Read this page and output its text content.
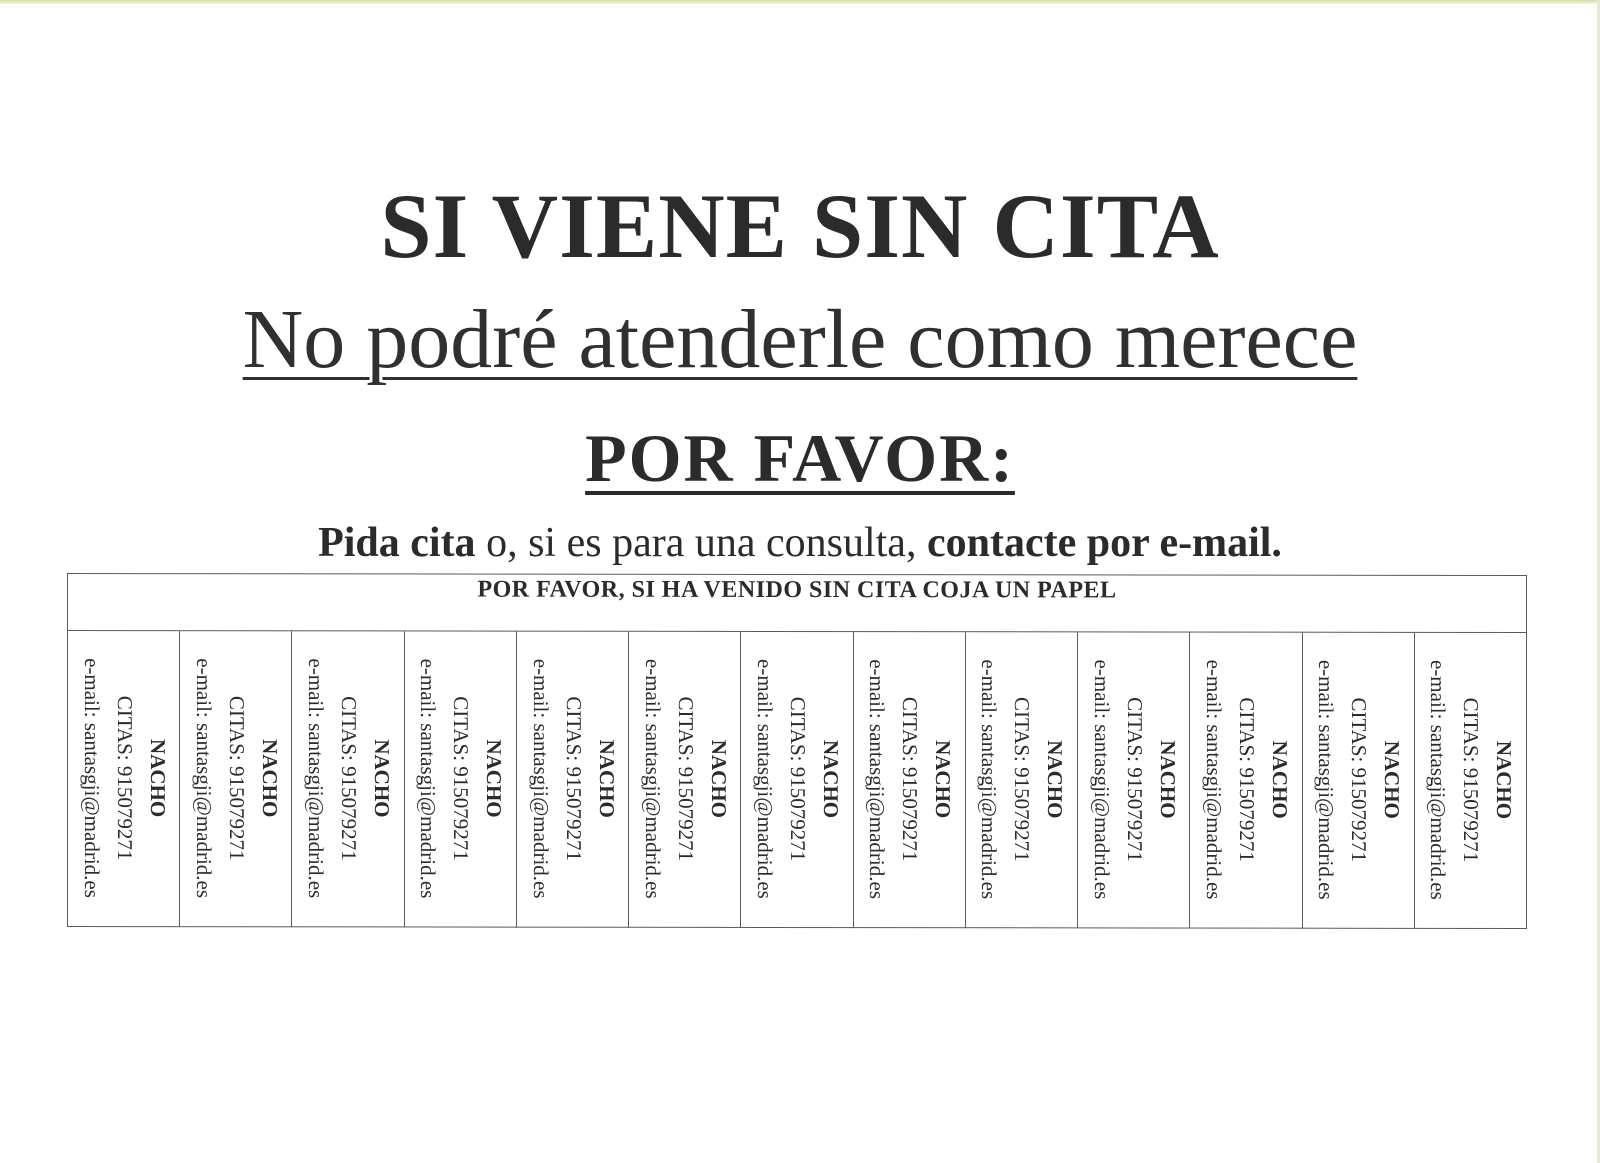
SI VIENE SIN CITA
No podré atenderle como merece
POR FAVOR:
Pida cita o, si es para una consulta, contacte por e-mail.
POR FAVOR, SI HA VENIDO SIN CITA COJA UN PAPEL
NACHO
CITAS: 915079271
e-mail: santasgji@madrid.es	NACHO
CITAS: 915079271
e-mail: santasgji@madrid.es	NACHO
CITAS: 915079271
e-mail: santasgji@madrid.es	NACHO
CITAS: 915079271
e-mail: santasgji@madrid.es	NACHO
CITAS: 915079271
e-mail: santasgji@madrid.es	NACHO
CITAS: 915079271
e-mail: santasgji@madrid.es	NACHO
CITAS: 915079271
e-mail: santasgji@madrid.es	NACHO
CITAS: 915079271
e-mail: santasgji@madrid.es	NACHO
CITAS: 915079271
e-mail: santasgji@madrid.es	NACHO
CITAS: 915079271
e-mail: santasgji@madrid.es	NACHO
CITAS: 915079271
e-mail: santasgji@madrid.es	NACHO
CITAS: 915079271
e-mail: santasgji@madrid.es	NACHO
CITAS: 915079271
e-mail: santasgji@madrid.es
